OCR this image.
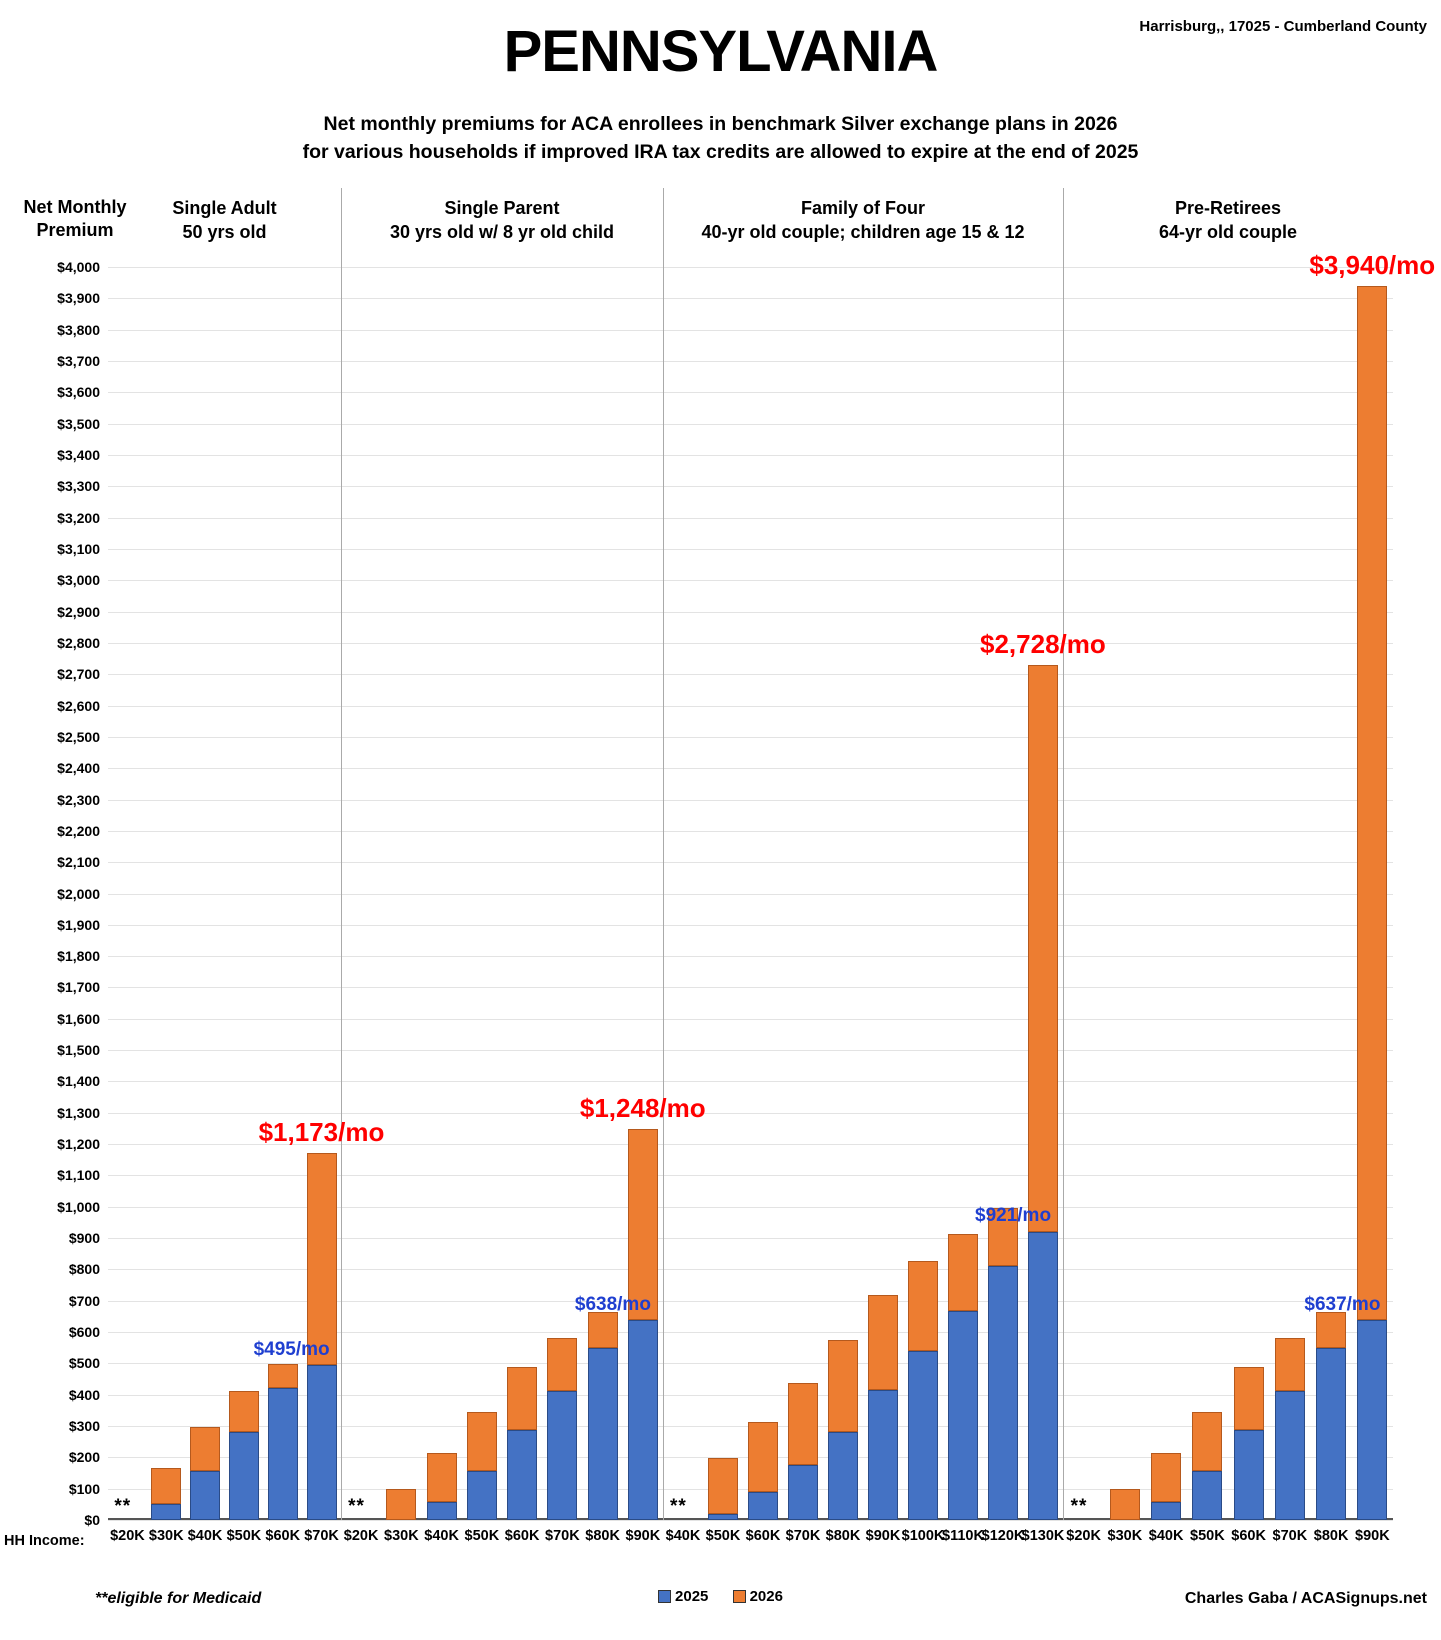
Harrisburg,, 17025 - Cumberland County
PENNSYLVANIA
Net monthly premiums for ACA enrollees in benchmark Silver exchange plans in 2026
for various households if improved IRA tax credits are allowed to expire at the end of 2025
Net Monthly
Premium
Single Adult
50 yrs old
Single Parent
30 yrs old w/ 8 yr old child
Family of Four
40-yr old couple; children age 15 & 12
Pre-Retirees
64-yr old couple
**	**	**	**
HH Income:
2025	2026
**eligible for Medicaid	Charles Gaba / ACASignups.net
$4,000
$3,900
$3,800
$3,700
$3,600
$3,500
$3,400
$3,300
$3,200
$3,100
$3,000
$2,900
$2,800
$2,700
$2,600
$2,500
$2,400
$2,300
$2,200
$2,100
$2,000
$1,900
$1,800
$1,700
$1,600
$1,500
$1,400
$1,300
$1,200
$1,100
$1,000
$900
$800
$700
$600
$500
$400
$300
$200
$100
$0
$20K $30K $40K $50K $60K $70K
$495/mo
$1,173/mo
$20K $30K $40K $50K $60K $70K $80K $90K
$638/mo
$1,248/mo
$40K $50K $60K $70K $80K $90K $100K
$110K
$120K
$130K
$921/mo
$2,728/mo
$20K $30K $40K $50K $60K $70K $80K $90K
$637/mo
$3,940/mo
